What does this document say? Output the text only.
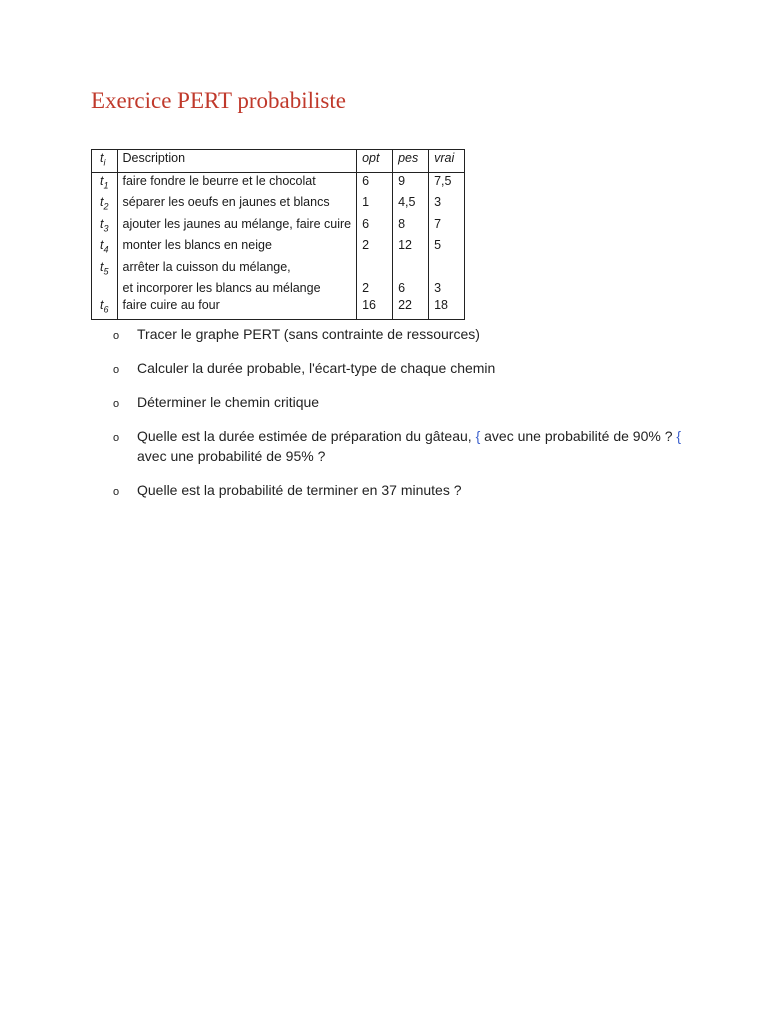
Exercice PERT probabiliste
$t_i$	Description	opt	pes	vrai
$t_1$	faire fondre le beurre et le chocolat	6	9	7,5
$t_2$	séparer les oeufs en jaunes et blancs	1	4,5	3
$t_3$	ajouter les jaunes au mélange, faire cuire	6	8	7
$t_4$	monter les blancs en neige	2	12	5
$t_5$	arrêter la cuisson du mélange,			
	et incorporer les blancs au mélange	2	6	3
$t_6$	faire cuire au four	16	22	18
o Tracer le graphe PERT (sans contrainte de ressources)
o Calculer la durée probable, l'écart-type de chaque chemin
o Déterminer le chemin critique
o Quelle est la durée estimée de préparation du gâteau, { avec une probabilité de 90% ? { avec une probabilité de 95% ?
o Quelle est la probabilité de terminer en 37 minutes ?
